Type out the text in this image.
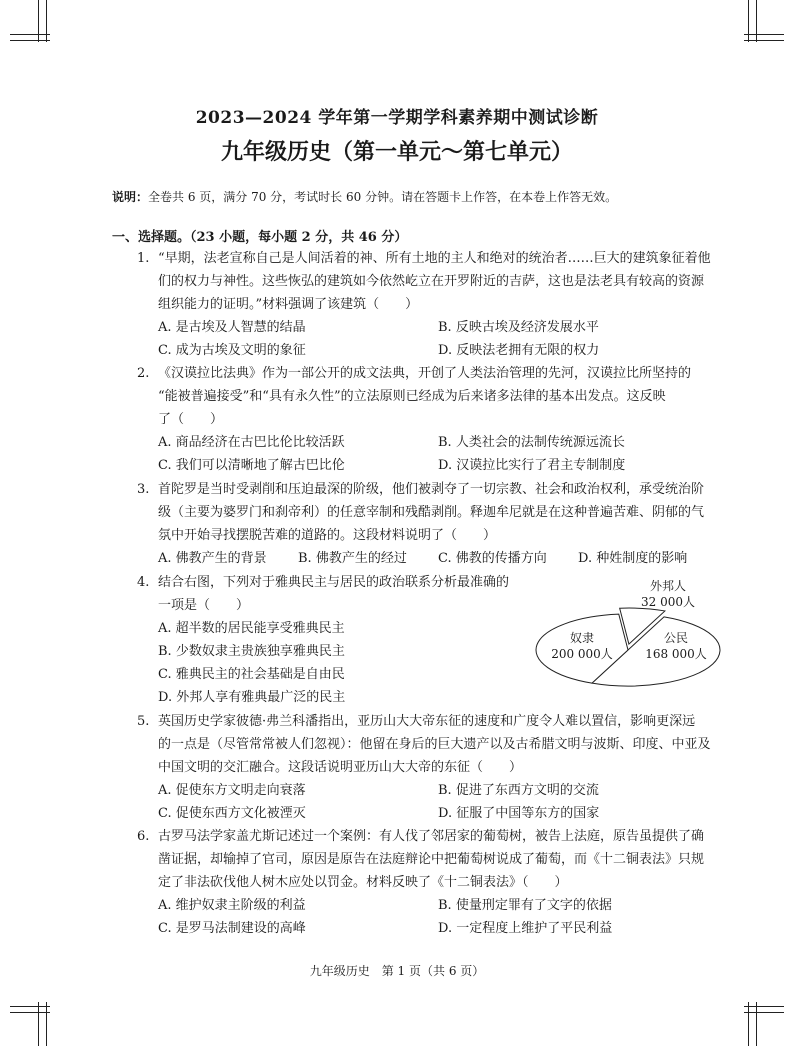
2023—2024 学年第一学期学科素养期中测试诊断
九年级历史（第一单元～第七单元）
说明：全卷共 6 页，满分 70 分，考试时长 60 分钟。请在答题卡上作答，在本卷上作答无效。
一、选择题。（23 小题，每小题 2 分，共 46 分）
1. “早期，法老宣称自己是人间活着的神、所有土地的主人和绝对的统治者……巨大的建筑象征着他
们的权力与神性。这些恢弘的建筑如今依然屹立在开罗附近的吉萨，这也是法老具有较高的资源
组织能力的证明。”材料强调了该建筑（　　）
A. 是古埃及人智慧的结晶	B. 反映古埃及经济发展水平
C. 成为古埃及文明的象征	D. 反映法老拥有无限的权力
2. 《汉谟拉比法典》作为一部公开的成文法典，开创了人类法治管理的先河，汉谟拉比所坚持的
“能被普遍接受”和“具有永久性”的立法原则已经成为后来诸多法律的基本出发点。这反映
了（　　）
A. 商品经济在古巴比伦比较活跃	B. 人类社会的法制传统源远流长
C. 我们可以清晰地了解古巴比伦	D. 汉谟拉比实行了君主专制制度
3. 首陀罗是当时受剥削和压迫最深的阶级，他们被剥夺了一切宗教、社会和政治权利，承受统治阶
级（主要为婆罗门和刹帝利）的任意宰制和残酷剥削。释迦牟尼就是在这种普遍苦难、阴郁的气
氛中开始寻找摆脱苦难的道路的。这段材料说明了（　　）
A. 佛教产生的背景 B. 佛教产生的经过 C. 佛教的传播方向 D. 种姓制度的影响
4. 结合右图，下列对于雅典民主与居民的政治联系分析最准确的
一项是（　　）
A. 超半数的居民能享受雅典民主
B. 少数奴隶主贵族独享雅典民主
C. 雅典民主的社会基础是自由民
D. 外邦人享有雅典最广泛的民主
外邦人
32 000人
奴隶
200 000人
公民
168 000人
5. 英国历史学家彼德·弗兰科潘指出，亚历山大大帝东征的速度和广度令人难以置信，影响更深远
的一点是（尽管常常被人们忽视）：他留在身后的巨大遗产以及古希腊文明与波斯、印度、中亚及
中国文明的交汇融合。这段话说明亚历山大大帝的东征（　　）
A. 促使东方文明走向衰落	B. 促进了东西方文明的交流
C. 促使东西方文化被湮灭	D. 征服了中国等东方的国家
6. 古罗马法学家盖尤斯记述过一个案例：有人伐了邻居家的葡萄树，被告上法庭，原告虽提供了确
凿证据，却输掉了官司，原因是原告在法庭辩论中把葡萄树说成了葡萄，而《十二铜表法》只规
定了非法砍伐他人树木应处以罚金。材料反映了《十二铜表法》（　　）
A. 维护奴隶主阶级的利益	B. 使量刑定罪有了文字的依据
C. 是罗马法制建设的高峰	D. 一定程度上维护了平民利益
九年级历史　第 1 页（共 6 页）
